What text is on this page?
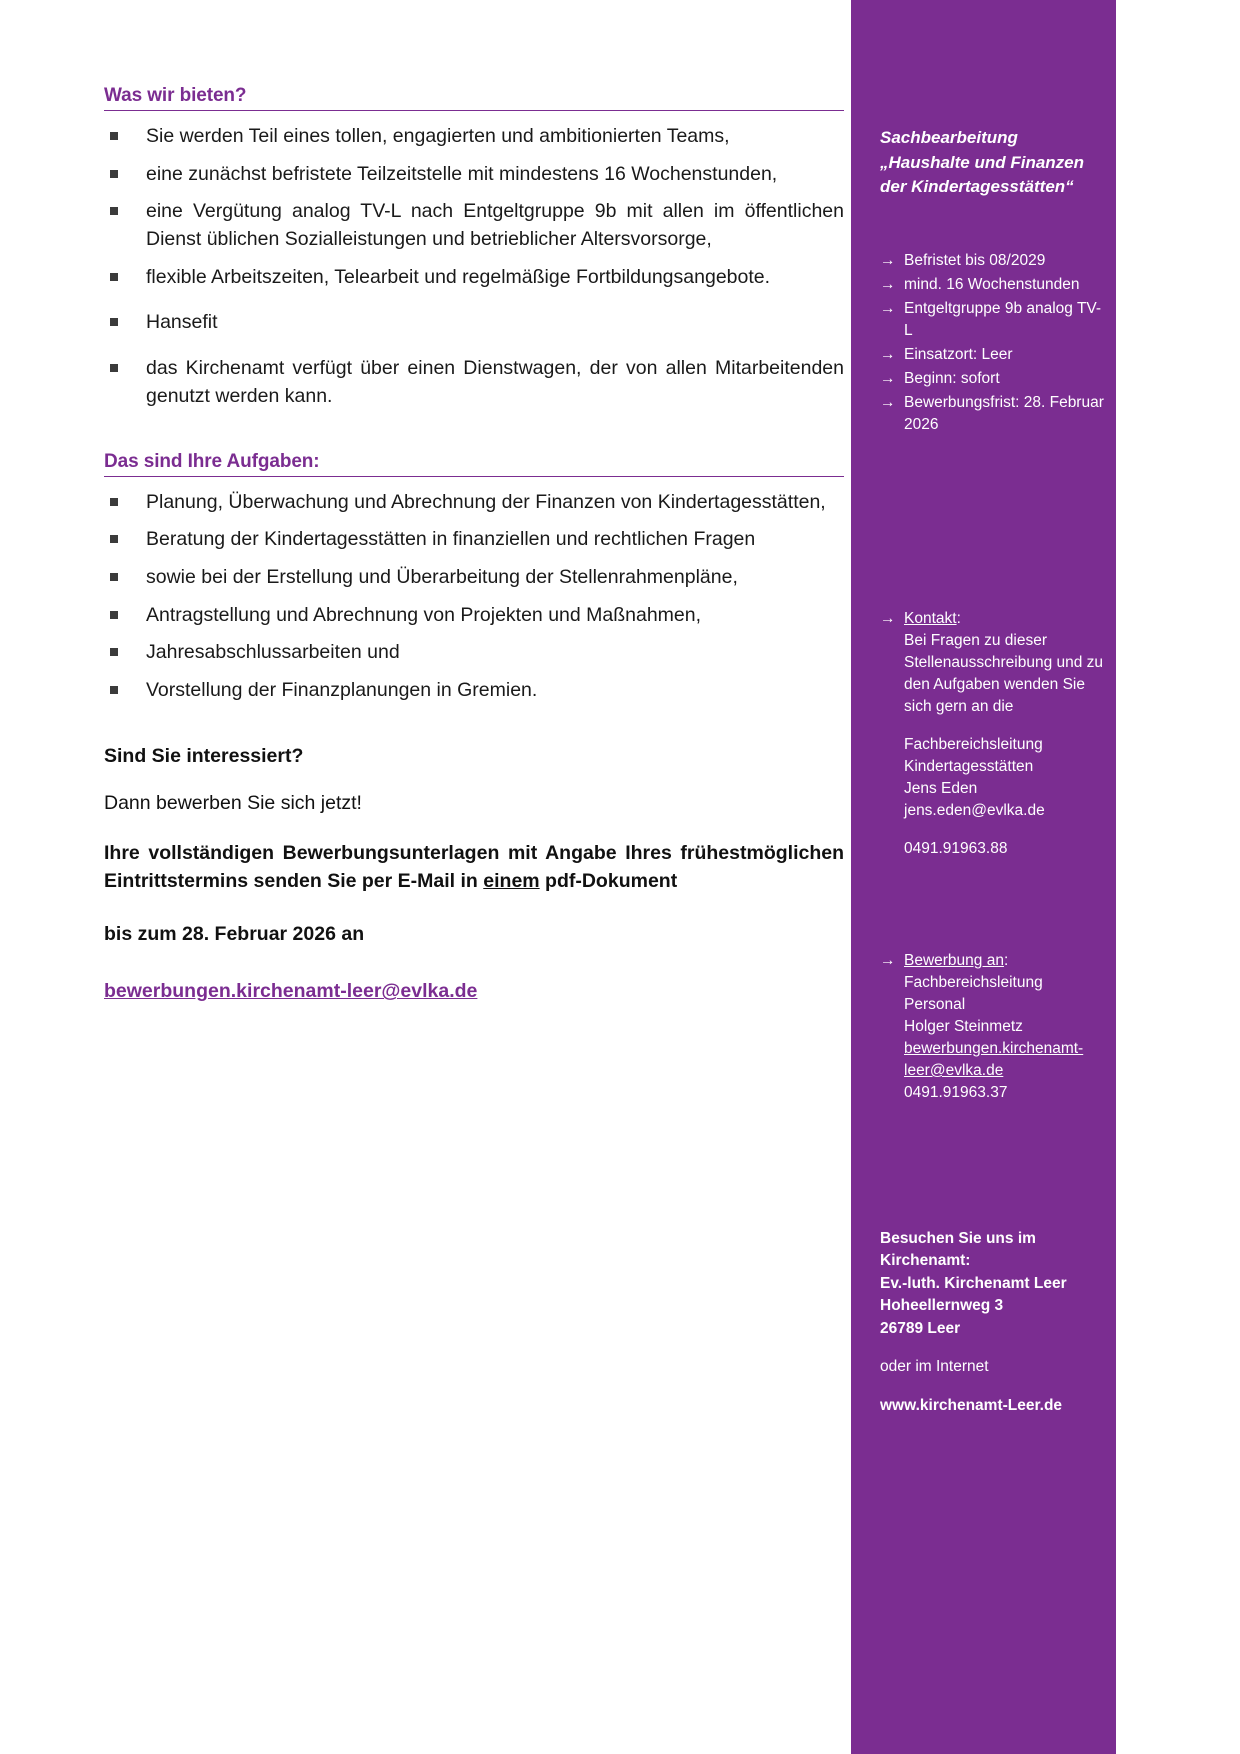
Was wir bieten?
Sie werden Teil eines tollen, engagierten und ambitionierten Teams,
eine zunächst befristete Teilzeitstelle mit mindestens 16 Wochenstunden,
eine Vergütung analog TV-L nach Entgeltgruppe 9b mit allen im öffentlichen Dienst üblichen Sozialleistungen und betrieblicher Altersvorsorge,
flexible Arbeitszeiten, Telearbeit und regelmäßige Fortbildungsangebote.
Hansefit
das Kirchenamt verfügt über einen Dienstwagen, der von allen Mitarbeitenden genutzt werden kann.
Das sind Ihre Aufgaben:
Planung, Überwachung und Abrechnung der Finanzen von Kindertagesstätten,
Beratung der Kindertagesstätten in finanziellen und rechtlichen Fragen
sowie bei der Erstellung und Überarbeitung der Stellenrahmenpläne,
Antragstellung und Abrechnung von Projekten und Maßnahmen,
Jahresabschlussarbeiten und
Vorstellung der Finanzplanungen in Gremien.
Sind Sie interessiert?
Dann bewerben Sie sich jetzt!
Ihre vollständigen Bewerbungsunterlagen mit Angabe Ihres frühestmöglichen Eintrittstermins senden Sie per E-Mail in einem pdf-Dokument
bis zum 28. Februar 2026 an
bewerbungen.kirchenamt-leer@evlka.de
Sachbearbeitung „Haushalte und Finanzen der Kindertagesstätten“
→ Befristet bis 08/2029
→ mind. 16 Wochenstunden
→ Entgeltgruppe 9b analog TV-L
→ Einsatzort: Leer
→ Beginn: sofort
→ Bewerbungsfrist: 28. Februar 2026
→ Kontakt:
Bei Fragen zu dieser Stellenausschreibung und zu den Aufgaben wenden Sie sich gern an die
Fachbereichsleitung
Kindertagesstätten
Jens Eden
jens.eden@evlka.de
0491.91963.88
→ Bewerbung an:
Fachbereichsleitung
Personal
Holger Steinmetz
bewerbungen.kirchenamt-leer@evlka.de
0491.91963.37
Besuchen Sie uns im
Kirchenamt:
Ev.-luth. Kirchenamt Leer
Hoheellernweg 3
26789 Leer
oder im Internet
www.kirchenamt-Leer.de
